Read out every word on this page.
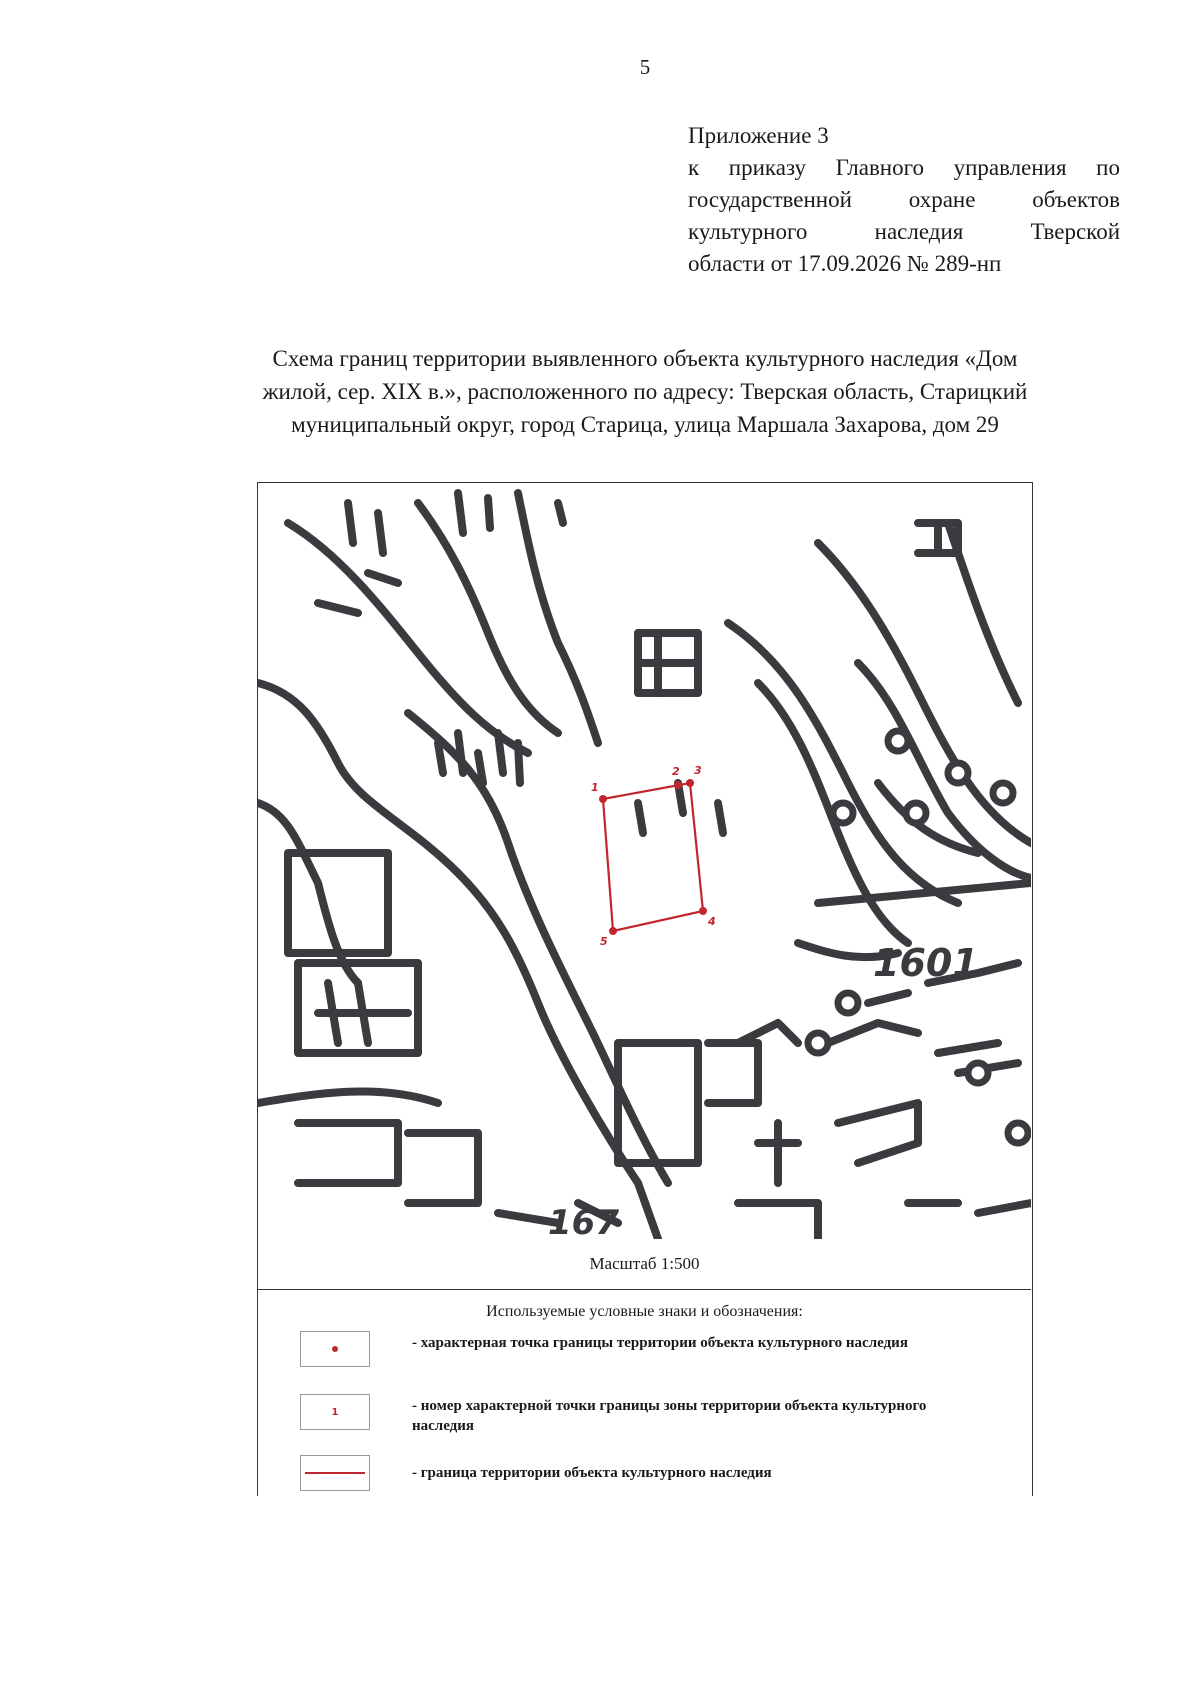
5
Приложение 3
к приказу Главного управления по
государственной охране объектов
культурного наследия Тверской
области от 17.09.2026 № 289-нп
Схема границ территории выявленного объекта культурного наследия «Дом
жилой, сер. XIX в.», расположенного по адресу: Тверская область, Старицкий
муниципальный округ, город Старица, улица Маршала Захарова, дом 29
1601
167
1
2 3
4
5
Масштаб 1:500
Используемые условные знаки и обозначения:
- характерная точка границы территории объекта культурного наследия
1	- номер характерной точки границы зоны территории объекта культурного наследия
- граница территории объекта культурного наследия
